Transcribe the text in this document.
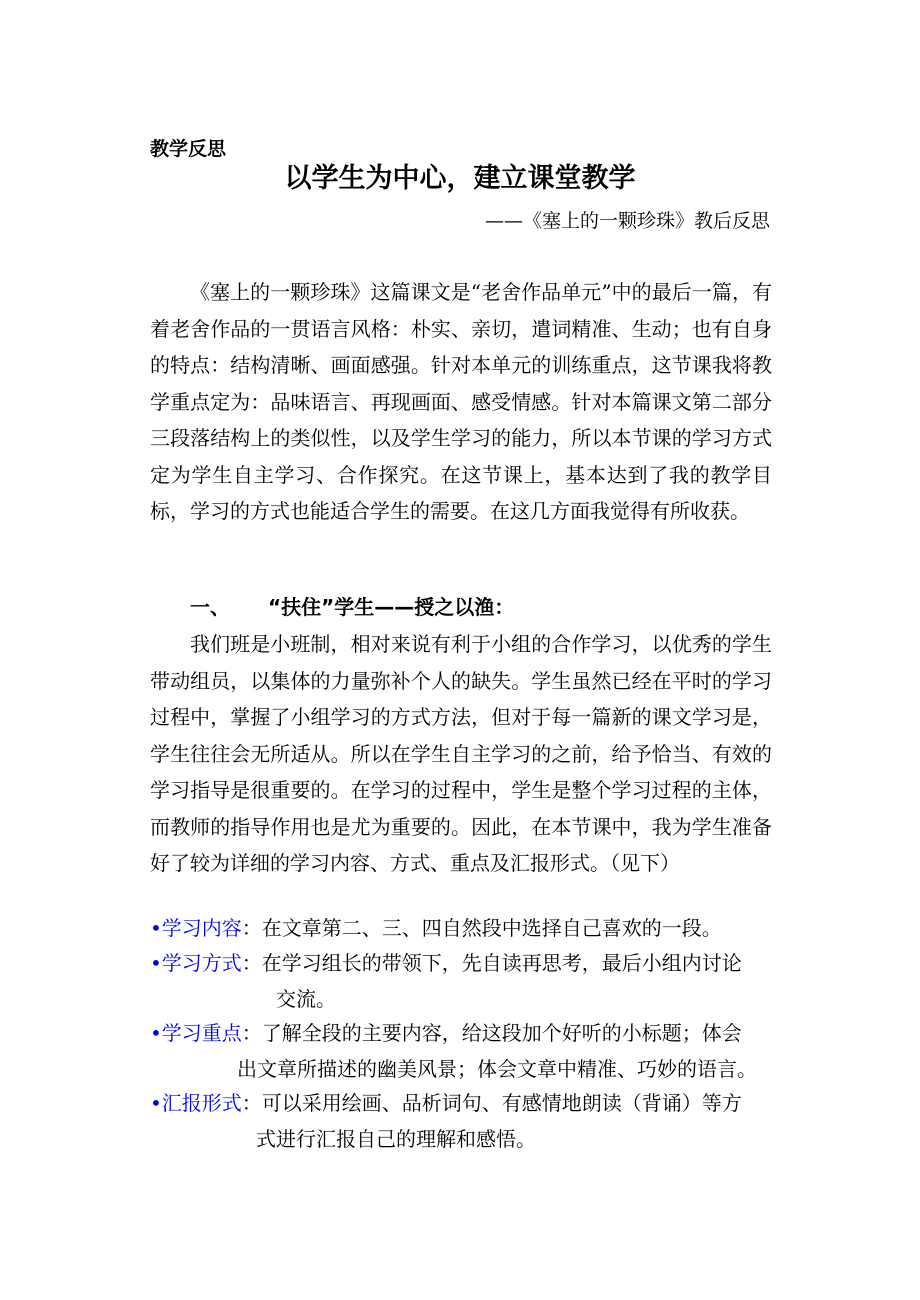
教学反思
以学生为中心，建立课堂教学
——《塞上的一颗珍珠》教后反思

《塞上的一颗珍珠》这篇课文是“老舍作品单元”中的最后一篇，有着老舍作品的一贯语言风格：朴实、亲切，遣词精准、生动；也有自身的特点：结构清晰、画面感强。针对本单元的训练重点，这节课我将教学重点定为：品味语言、再现画面、感受情感。针对本篇课文第二部分三段落结构上的类似性，以及学生学习的能力，所以本节课的学习方式定为学生自主学习、合作探究。在这节课上，基本达到了我的教学目标，学习的方式也能适合学生的需要。在这几方面我觉得有所收获。

一、 “扶住”学生——授之以渔：

我们班是小班制，相对来说有利于小组的合作学习，以优秀的学生带动组员，以集体的力量弥补个人的缺失。学生虽然已经在平时的学习过程中，掌握了小组学习的方式方法，但对于每一篇新的课文学习是，学生往往会无所适从。所以在学生自主学习的之前，给予恰当、有效的学习指导是很重要的。在学习的过程中，学生是整个学习过程的主体，而教师的指导作用也是尤为重要的。因此，在本节课中，我为学生准备好了较为详细的学习内容、方式、重点及汇报形式。（见下）

•学习内容：在文章第二、三、四自然段中选择自己喜欢的一段。
•学习方式：在学习组长的带领下，先自读再思考，最后小组内讨论
交流。
•学习重点：了解全段的主要内容，给这段加个好听的小标题；体会
出文章所描述的幽美风景；体会文章中精准、巧妙的语言。
•汇报形式：可以采用绘画、品析词句、有感情地朗读（背诵）等方
式进行汇报自己的理解和感悟。
